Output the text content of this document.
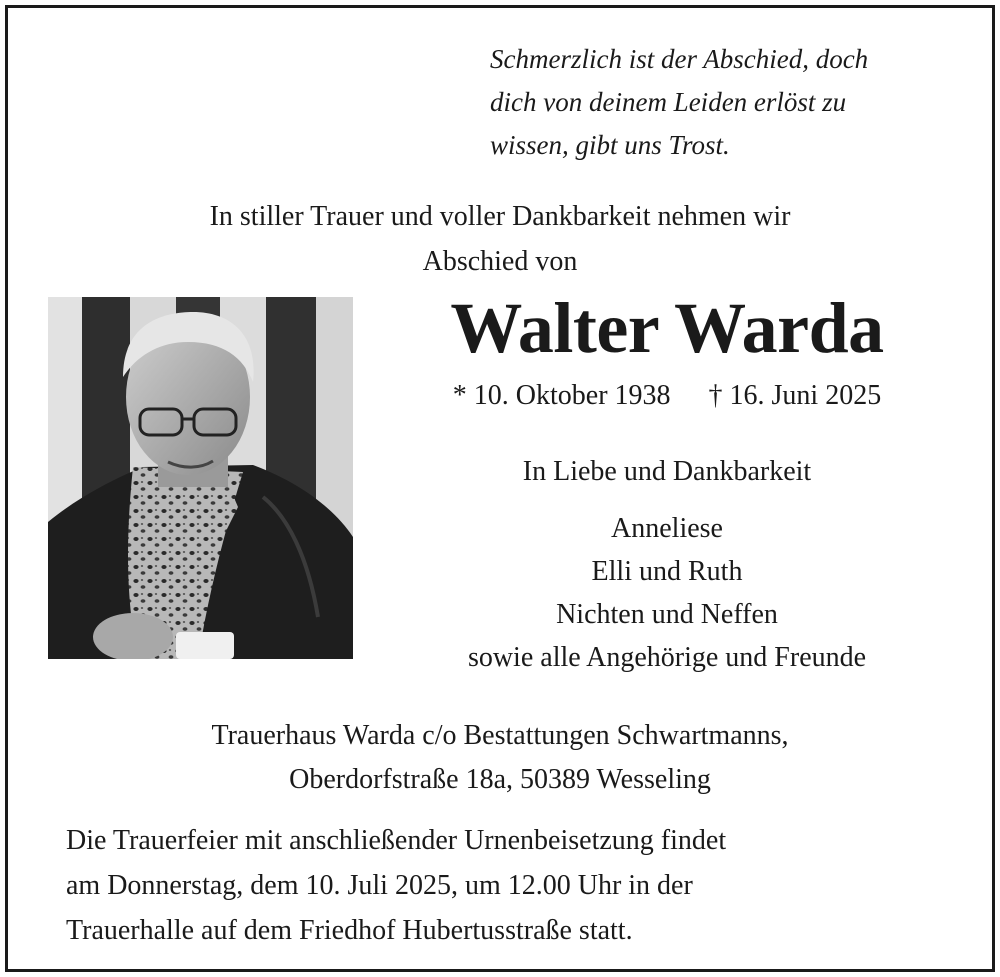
Schmerzlich ist der Abschied, doch
dich von deinem Leiden erlöst zu
wissen, gibt uns Trost.
In stiller Trauer und voller Dankbarkeit nehmen wir
Abschied von
Walter Warda
* 10. Oktober 1938 † 16. Juni 2025
In Liebe und Dankbarkeit
Anneliese
Elli und Ruth
Nichten und Neffen
sowie alle Angehörige und Freunde
Trauerhaus Warda c/o Bestattungen Schwartmanns,
Oberdorfstraße 18a, 50389 Wesseling
Die Trauerfeier mit anschließender Urnenbeisetzung findet
am Donnerstag, dem 10. Juli 2025, um 12.00 Uhr in der
Trauerhalle auf dem Friedhof Hubertusstraße statt.
